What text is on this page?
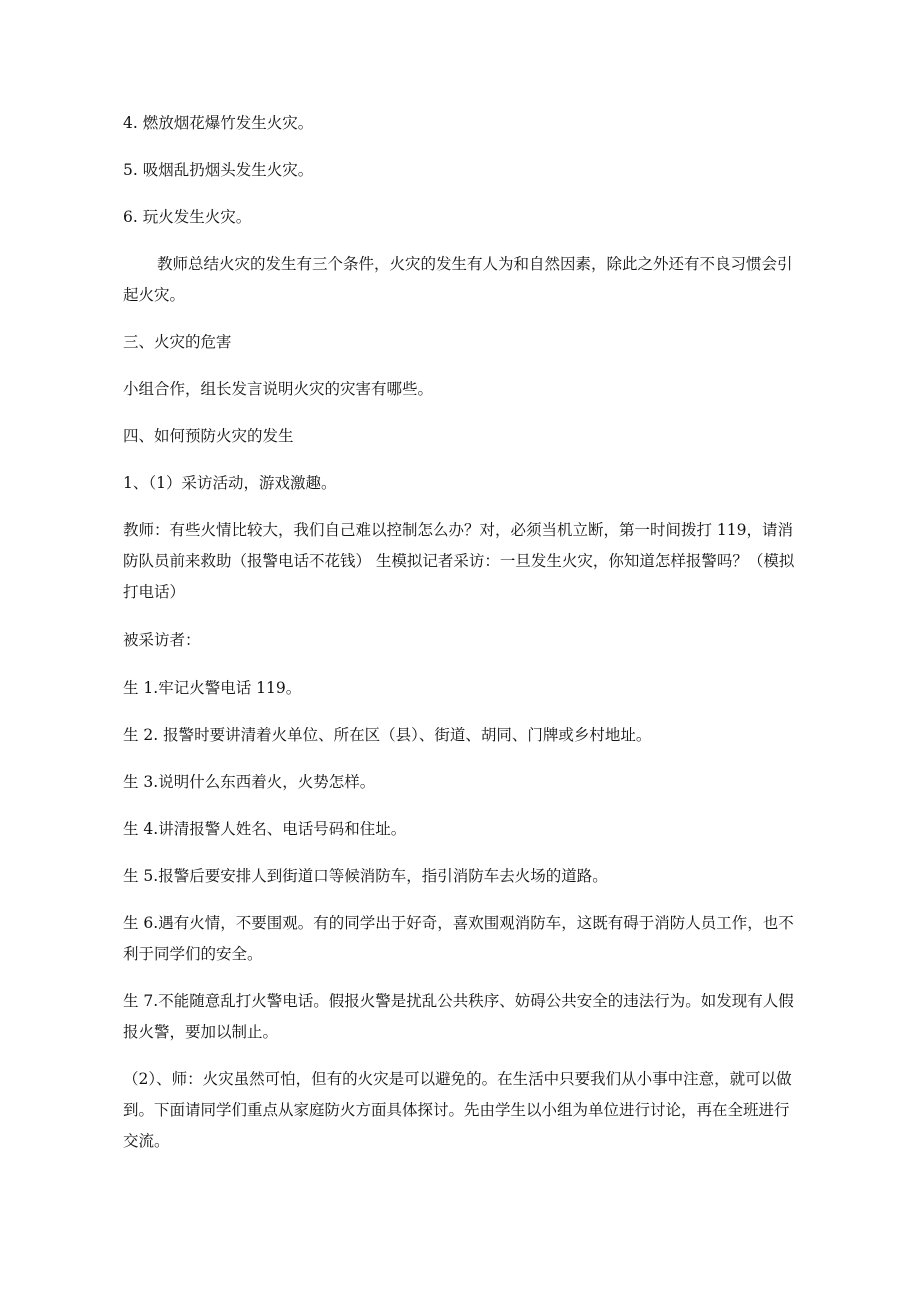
4. 燃放烟花爆竹发生火灾。

5. 吸烟乱扔烟头发生火灾。

6. 玩火发生火灾。

教师总结火灾的发生有三个条件，火灾的发生有人为和自然因素，除此之外还有不良习惯会引起火灾。

三、火灾的危害

小组合作，组长发言说明火灾的灾害有哪些。

四、如何预防火灾的发生

1、（1）采访活动，游戏激趣。

教师：有些火情比较大，我们自己难以控制怎么办？对，必须当机立断，第一时间拨打 119，请消防队员前来救助（报警电话不花钱） 生模拟记者采访：一旦发生火灾，你知道怎样报警吗？（模拟打电话）

被采访者：

生 1.牢记火警电话 119。

生 2. 报警时要讲清着火单位、所在区（县）、街道、胡同、门牌或乡村地址。

生 3.说明什么东西着火，火势怎样。

生 4.讲清报警人姓名、电话号码和住址。

生 5.报警后要安排人到街道口等候消防车，指引消防车去火场的道路。

生 6.遇有火情，不要围观。有的同学出于好奇，喜欢围观消防车，这既有碍于消防人员工作，也不利于同学们的安全。

生 7.不能随意乱打火警电话。假报火警是扰乱公共秩序、妨碍公共安全的违法行为。如发现有人假报火警，要加以制止。

（2）、师：火灾虽然可怕，但有的火灾是可以避免的。在生活中只要我们从小事中注意，就可以做到。下面请同学们重点从家庭防火方面具体探讨。先由学生以小组为单位进行讨论，再在全班进行交流。
